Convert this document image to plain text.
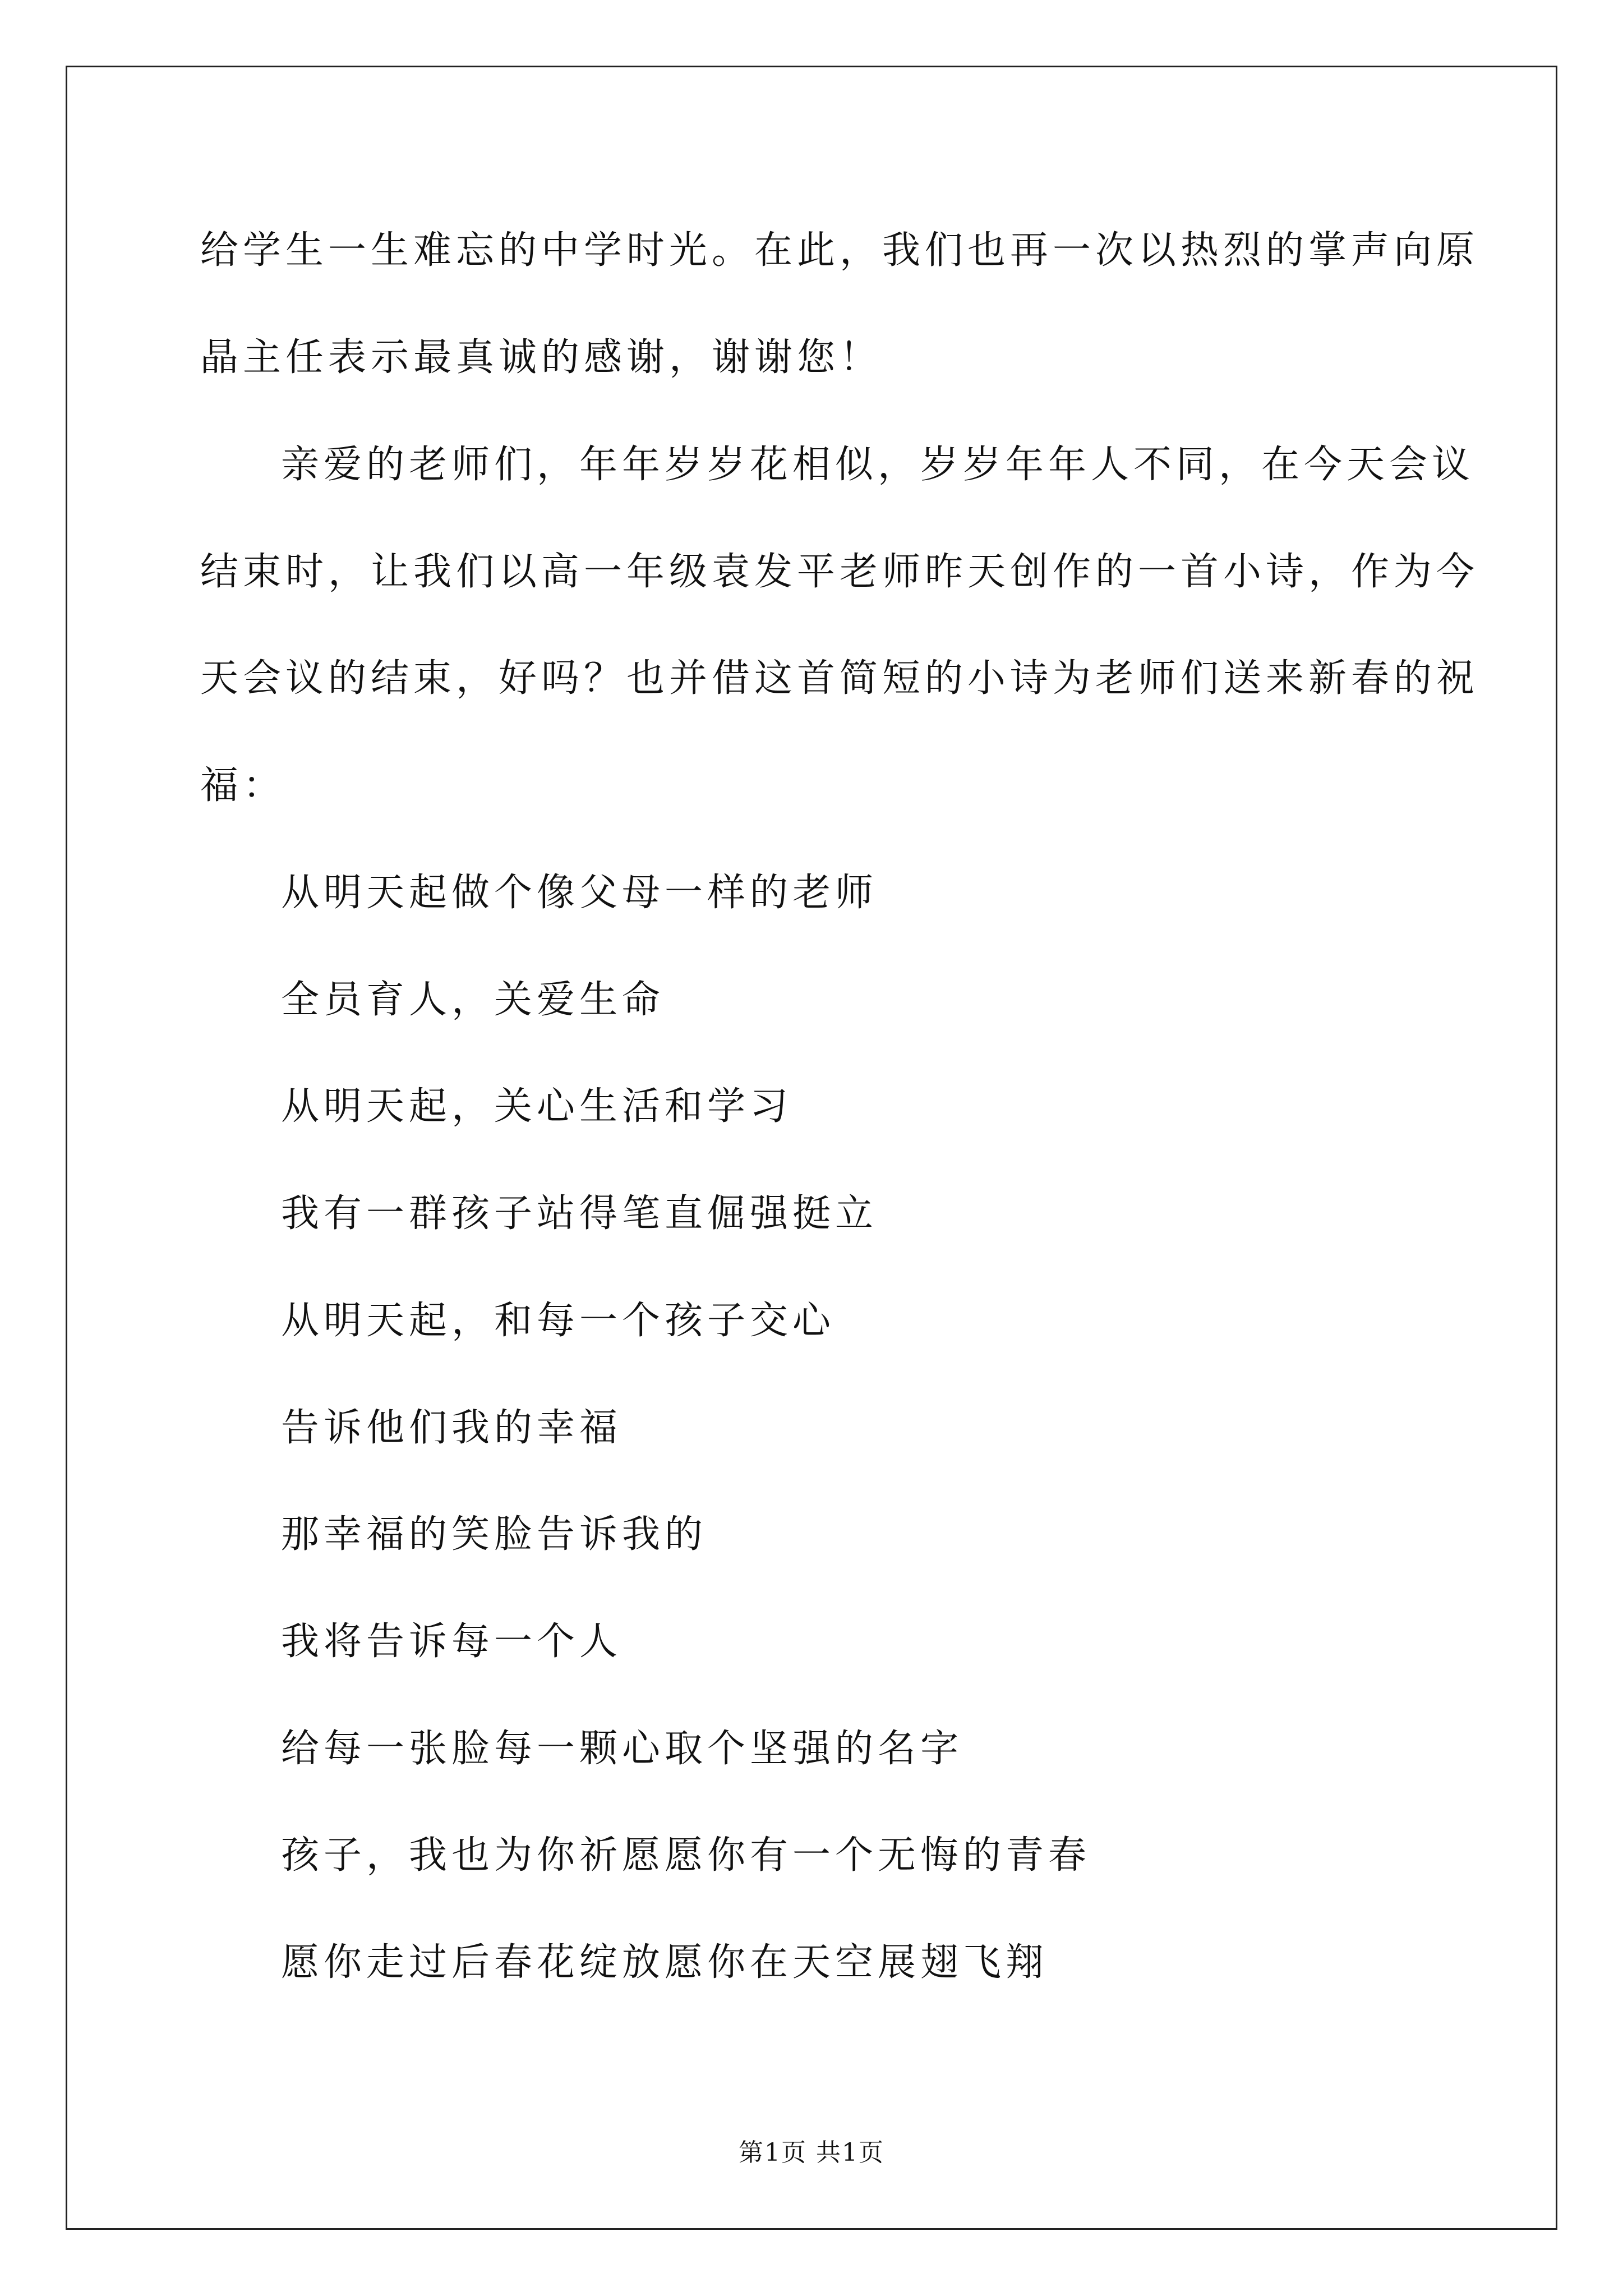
给学生一生难忘的中学时光。在此，我们也再一次以热烈的掌声向原
晶主任表示最真诚的感谢，谢谢您！
亲爱的老师们，年年岁岁花相似，岁岁年年人不同，在今天会议
结束时，让我们以高一年级袁发平老师昨天创作的一首小诗，作为今
天会议的结束，好吗？也并借这首简短的小诗为老师们送来新春的祝
福：
从明天起做个像父母一样的老师
全员育人，关爱生命
从明天起，关心生活和学习
我有一群孩子站得笔直倔强挺立
从明天起，和每一个孩子交心
告诉他们我的幸福
那幸福的笑脸告诉我的
我将告诉每一个人
给每一张脸每一颗心取个坚强的名字
孩子，我也为你祈愿愿你有一个无悔的青春
愿你走过后春花绽放愿你在天空展翅飞翔
第1页 共1页
